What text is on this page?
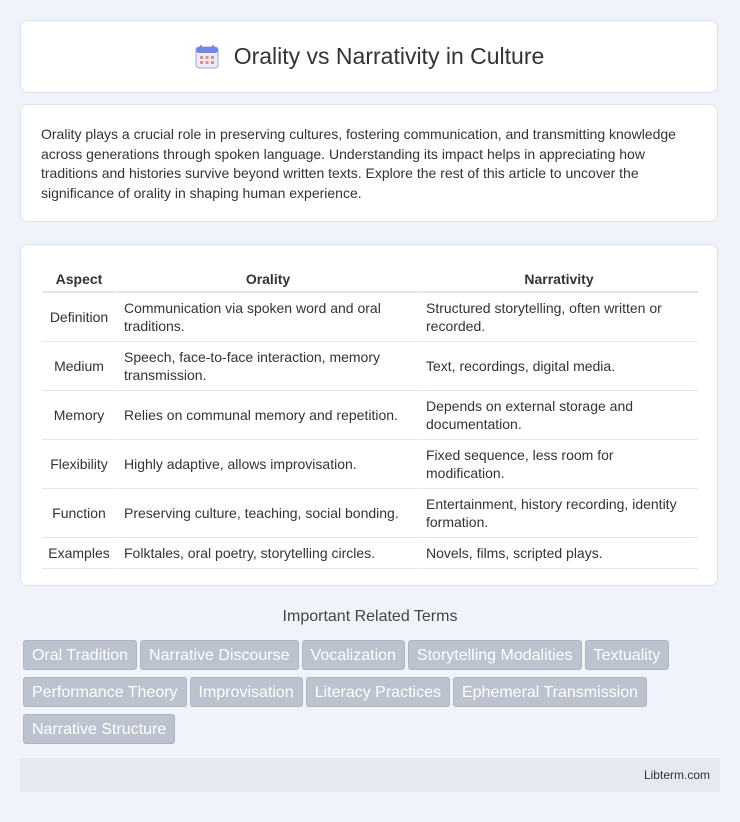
Orality vs Narrativity in Culture

Orality plays a crucial role in preserving cultures, fostering communication, and transmitting knowledge across generations through spoken language. Understanding its impact helps in appreciating how traditions and histories survive beyond written texts. Explore the rest of this article to uncover the significance of orality in shaping human experience.

Aspect	Orality	Narrativity
Definition	Communication via spoken word and oral traditions.	Structured storytelling, often written or recorded.
Medium	Speech, face-to-face interaction, memory transmission.	Text, recordings, digital media.
Memory	Relies on communal memory and repetition.	Depends on external storage and documentation.
Flexibility	Highly adaptive, allows improvisation.	Fixed sequence, less room for modification.
Function	Preserving culture, teaching, social bonding.	Entertainment, history recording, identity formation.
Examples	Folktales, oral poetry, storytelling circles.	Novels, films, scripted plays.
Important Related Terms
Oral Tradition Narrative Discourse Vocalization Storytelling Modalities Textuality
Performance Theory Improvisation Literacy Practices Ephemeral Transmission
Narrative Structure
Libterm.com
